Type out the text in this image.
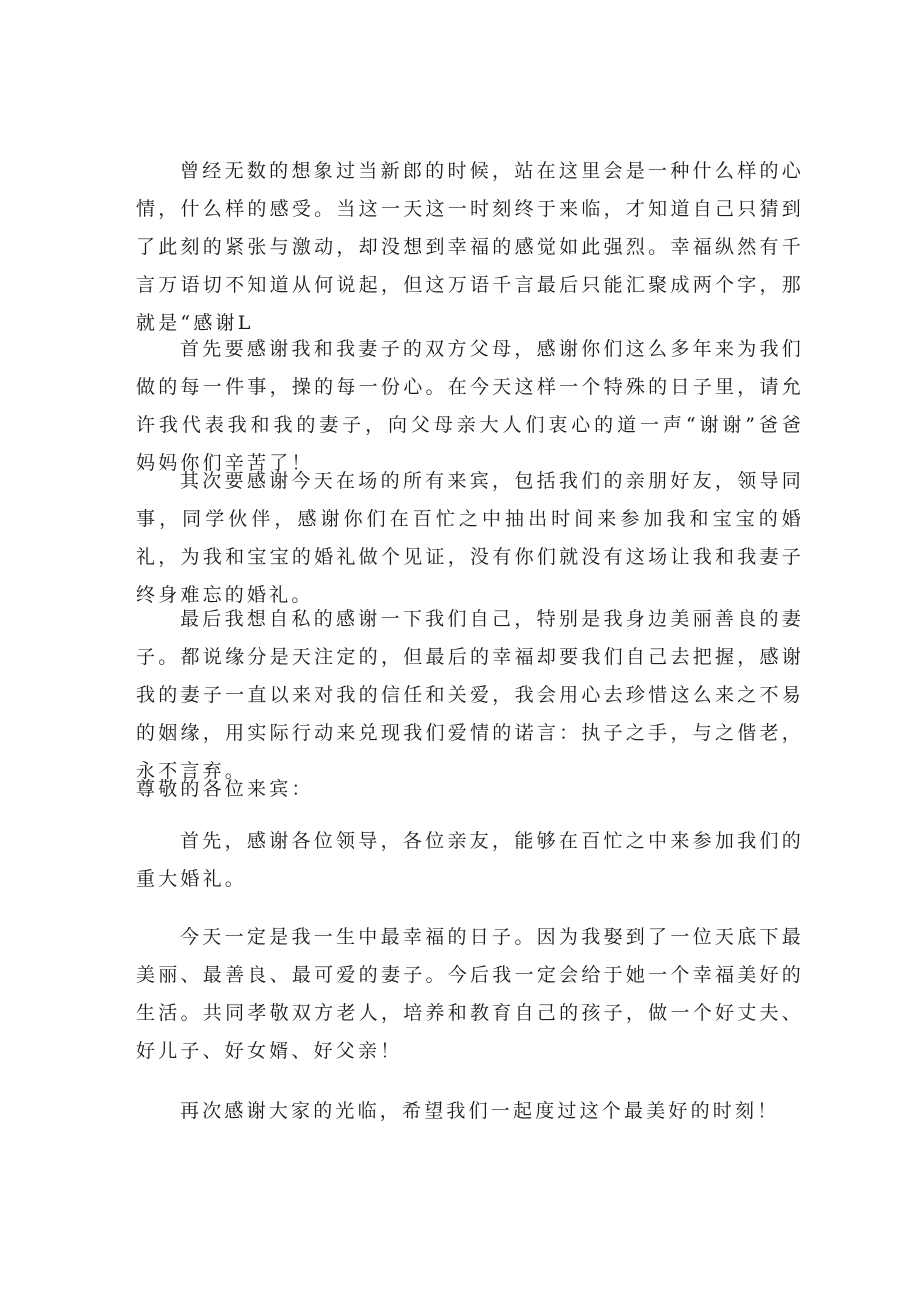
曾经无数的想象过当新郎的时候，站在这里会是一种什么样的心情，什么样的感受。当这一天这一时刻终于来临，才知道自己只猜到了此刻的紧张与激动，却没想到幸福的感觉如此强烈。幸福纵然有千言万语切不知道从何说起，但这万语千言最后只能汇聚成两个字，那就是“感谢L

首先要感谢我和我妻子的双方父母，感谢你们这么多年来为我们做的每一件事，操的每一份心。在今天这样一个特殊的日子里，请允许我代表我和我的妻子，向父母亲大人们衷心的道一声“谢谢”爸爸妈妈你们辛苦了！

其次要感谢今天在场的所有来宾，包括我们的亲朋好友，领导同事，同学伙伴，感谢你们在百忙之中抽出时间来参加我和宝宝的婚礼，为我和宝宝的婚礼做个见证，没有你们就没有这场让我和我妻子终身难忘的婚礼。

最后我想自私的感谢一下我们自己，特别是我身边美丽善良的妻子。都说缘分是天注定的，但最后的幸福却要我们自己去把握，感谢我的妻子一直以来对我的信任和关爱，我会用心去珍惜这么来之不易的姻缘，用实际行动来兑现我们爱情的诺言：执子之手，与之偕老，永不言弃。

尊敬的各位来宾：

首先，感谢各位领导，各位亲友，能够在百忙之中来参加我们的重大婚礼。

今天一定是我一生中最幸福的日子。因为我娶到了一位天底下最美丽、最善良、最可爱的妻子。今后我一定会给于她一个幸福美好的生活。共同孝敬双方老人，培养和教育自己的孩子，做一个好丈夫、好儿子、好女婿、好父亲！

再次感谢大家的光临，希望我们一起度过这个最美好的时刻！
